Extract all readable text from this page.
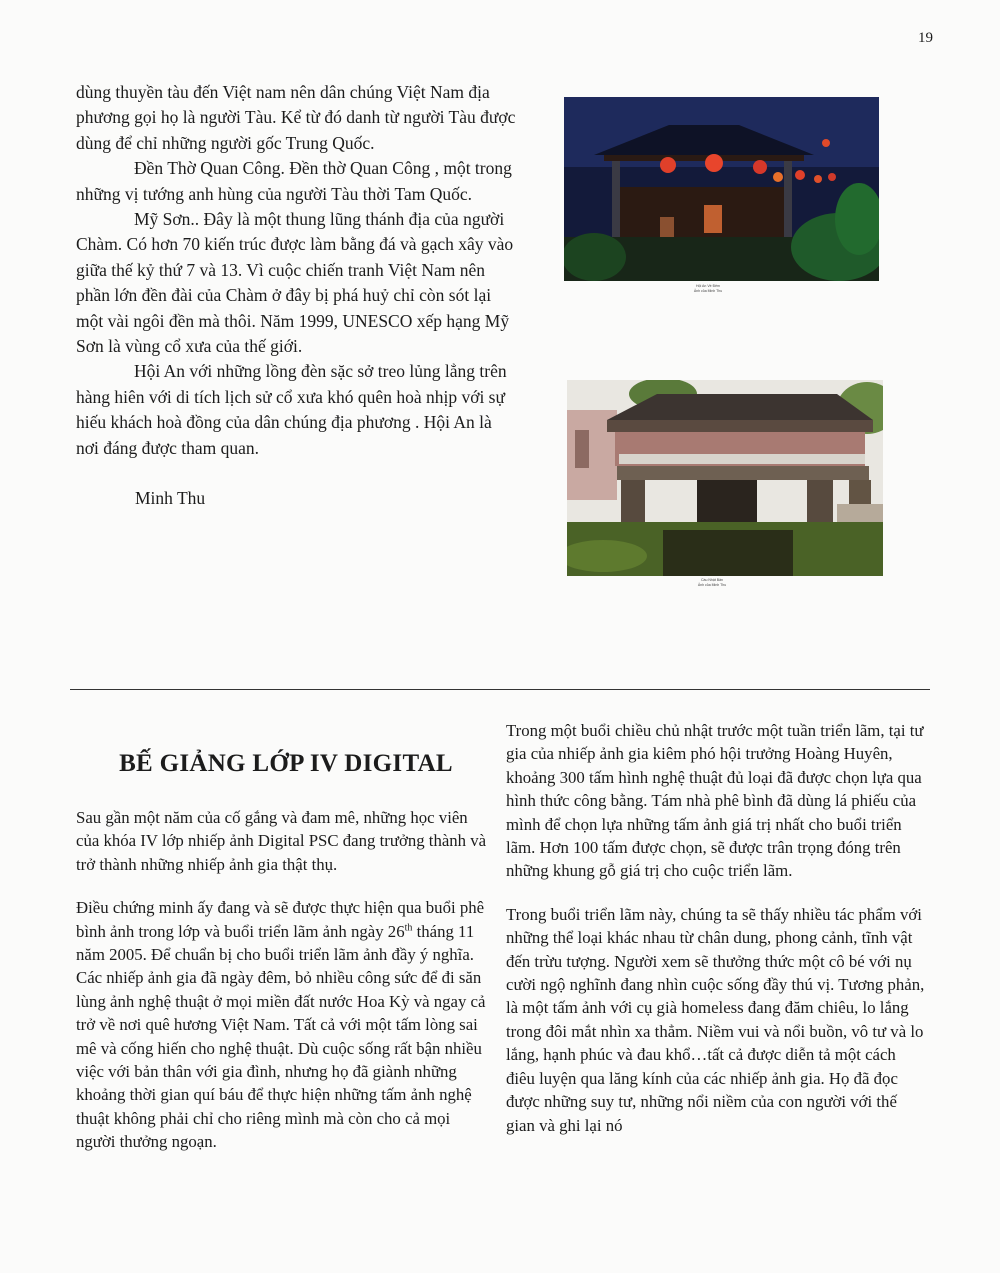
19

dùng thuyền tàu đến Việt nam nên dân chúng Việt Nam địa phương gọi họ là người Tàu. Kể từ đó danh từ người Tàu được dùng để chỉ những người gốc Trung Quốc.

Đền Thờ Quan Công. Đền thờ Quan Công , một trong những vị tướng anh hùng của người Tàu thời Tam Quốc.

Mỹ Sơn.. Đây là một thung lũng thánh địa của người Chàm. Có hơn 70 kiến trúc được làm bằng đá và gạch xây vào giữa thế kỷ thứ 7 và 13. Vì cuộc chiến tranh Việt Nam nên phần lớn đền đài của Chàm ở đây bị phá huỷ chỉ còn sót lại một vài ngôi đền mà thôi. Năm 1999, UNESCO xếp hạng Mỹ Sơn là vùng cổ xưa của thế giới.

Hội An với những lồng đèn sặc sở treo lủng lẳng trên hàng hiên với di tích lịch sử cổ xưa khó quên hoà nhịp với sự hiếu khách hoà đồng của dân chúng địa phương . Hội An là nơi đáng được tham quan.

Minh Thu

Hội An Về Đêm
Ảnh của Minh Thu
Cầu Nhật Bản
Ảnh của Minh Thu
BẾ GIẢNG LỚP IV DIGITAL

Sau gần một năm của cố gắng và đam mê, những học viên của khóa IV lớp nhiếp ảnh Digital PSC đang trưởng thành và trở thành những nhiếp ảnh gia thật thụ.

Điều chứng minh ấy đang và sẽ được thực hiện qua buổi phê bình ảnh trong lớp và buổi triển lãm ảnh ngày 26th tháng 11 năm 2005. Để chuẩn bị cho buổi triển lãm ảnh đầy ý nghĩa. Các nhiếp ảnh gia đã ngày đêm, bỏ nhiều công sức để đi săn lùng ảnh nghệ thuật ở mọi miền đất nước Hoa Kỳ và ngay cả trở về nơi quê hương Việt Nam. Tất cả với một tấm lòng sai mê và cống hiến cho nghệ thuật. Dù cuộc sống rất bận nhiều việc với bản thân với gia đình, nhưng họ đã giành những khoảng thời gian quí báu để thực hiện những tấm ảnh nghệ thuật không phải chỉ cho riêng mình mà còn cho cả mọi người thưởng ngoạn.

Trong một buổi chiều chủ nhật trước một tuần triển lãm, tại tư gia của nhiếp ảnh gia kiêm phó hội trưởng Hoàng Huyên, khoảng 300 tấm hình nghệ thuật đủ loại đã được chọn lựa qua hình thức công bằng. Tám nhà phê bình đã dùng lá phiếu của mình để chọn lựa những tấm ảnh giá trị nhất cho buổi triển lãm. Hơn 100 tấm được chọn, sẽ được trân trọng đóng trên những khung gỗ giá trị cho cuộc triển lãm.

Trong buổi triển lãm này, chúng ta sẽ thấy nhiều tác phẩm với những thể loại khác nhau từ chân dung, phong cảnh, tĩnh vật đến trừu tượng. Người xem sẽ thưởng thức một cô bé với nụ cười ngộ nghĩnh đang nhìn cuộc sống đầy thú vị. Tương phản, là một tấm ảnh với cụ già homeless đang đăm chiêu, lo lắng trong đôi mắt nhìn xa thẳm. Niềm vui và nổi buồn, vô tư và lo lắng, hạnh phúc và đau khổ…tất cả được diễn tả một cách điêu luyện qua lăng kính của các nhiếp ảnh gia. Họ đã đọc được những suy tư, những nổi niềm của con người với thế gian và ghi lại nó
